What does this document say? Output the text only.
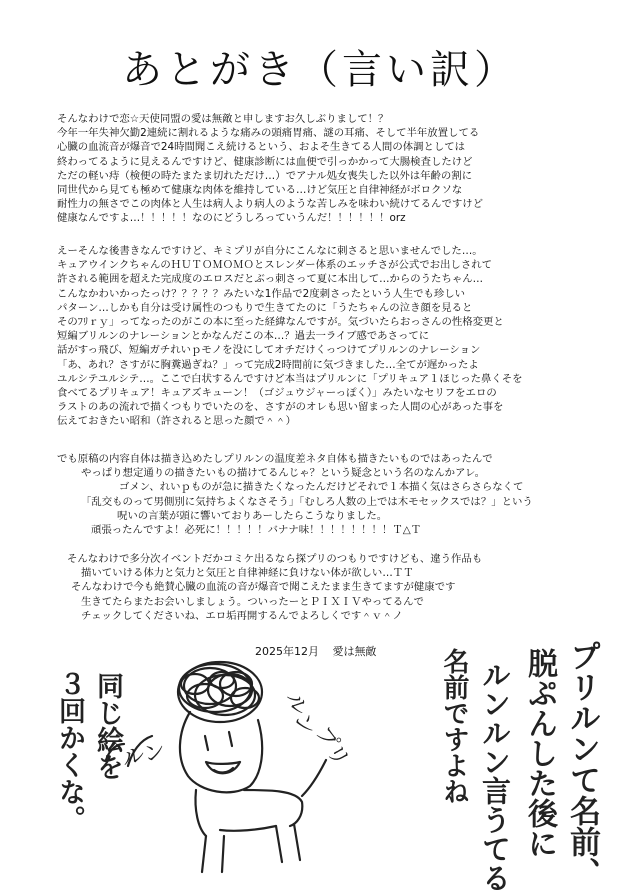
あとがき（言い訳）
そんなわけで恋☆天使同盟の愛は無敵と申しますお久しぶりまして！？
今年一年失神欠勤2連続に割れるような痛みの頭痛胃痛、謎の耳痛、そして半年放置してる
心臓の血流音が爆音で24時間聞こえ続けるという、およそ生きてる人間の体調としては
終わってるように見えるんですけど、健康診断には血便で引っかかって大腸検査したけど
ただの軽い痔（検便の時たまたま切れただけ…）でアナル処女喪失した以外は年齢の割に
同世代から見ても極めて健康な肉体を維持している…けど気圧と自律神経がボロクソな
耐性力の無さでこの肉体と人生は病人より病人のような苦しみを味わい続けてるんですけど
健康なんですよ…！！！！！なのにどうしろっていうんだ！！！！！！orz
えーそんな後書きなんですけど、キミプリが自分にこんなに刺さると思いませんでした…。
キュアウインクちゃんのＨＵＴＯＭＯＭＯとスレンダー体系のエッチさが公式でお出しされて
許される範囲を超えた完成度のエロスだとぶっ刺さって夏に本出して…からのうたちゃん…
こんなかわいかったっけ？？？？？みたいな1作品で2度刺さったという人生でも珍しい
パターン…しかも自分は受け属性のつもりで生きてたのに「うたちゃんの泣き顔を見ると
そのﾌﾘｒｙ」ってなったのがこの本に至った経緯なんですが。気づいたらおっさんの性格変更と
短編ブリルンのナレーションとかなんだこの本…？過去一ライブ感であさってに
話がすっ飛び、短編ガチれいｐモノを没にしてオチだけくっつけてプリルンのナレーション
「あ、あれ？さすがに胸糞過ぎね？」って完成2時間前に気づきました…全てが遅かったよ
ユルシテユルシテ…。ここで白状するんですけど本当はプリルンに「プリキュア１ほじった鼻くそを
食べてるプリキュア！キュアズキューン！（ゴジュウジャーっぽく）」みたいなセリフをエロの
ラストのあの流れで描くつもりでいたのを、さすがのオレも思い留まった人間の心があった事を
伝えておきたい昭和（許されると思った顔で＾＾）
でも原稿の内容自体は描き込めたしプリルンの温度差ネタ自体も描きたいものではあったんで
やっぱり想定通りの描きたいもの描けてるんじゃ？という疑念という名のなんかアレ。
ゴメン、れいｐものが急に描きたくなったんだけどそれで１本描く気はさらさらなくて
「乱交ものって男側別に気持ちよくなさそう」「むしろ人数の上では木モセックスでは？」という
呪いの言葉が頭に響いておりあーしたらこうなりました。
頑張ったんですよ！必死に！！！！！バナナ味！！！！！！！！Ｔ△Ｔ
そんなわけで多分次イベントだかコミケ出るなら探プリのつもりですけども、違う作品も
描いていける体力と気力と気圧と自律神経に負けない体が欲しい…ＴＴ
そんなわけで今も絶賛心臓の血流の音が爆音で聞こえたまま生きてますが健康です
生きてたらまたお会いしましょう。ついったーとＰＩＸＩＶやってるんで
チェックしてくださいね、エロ垢再開するんでよろしくです＾ｖ＾ノ
2025年12月 愛は無敵
ルン
プリ
ルン
同じ絵を
３回かくな。	プリルンて名前、
脱ぷんした後に
ルンルン言うてる
名前ですよね
